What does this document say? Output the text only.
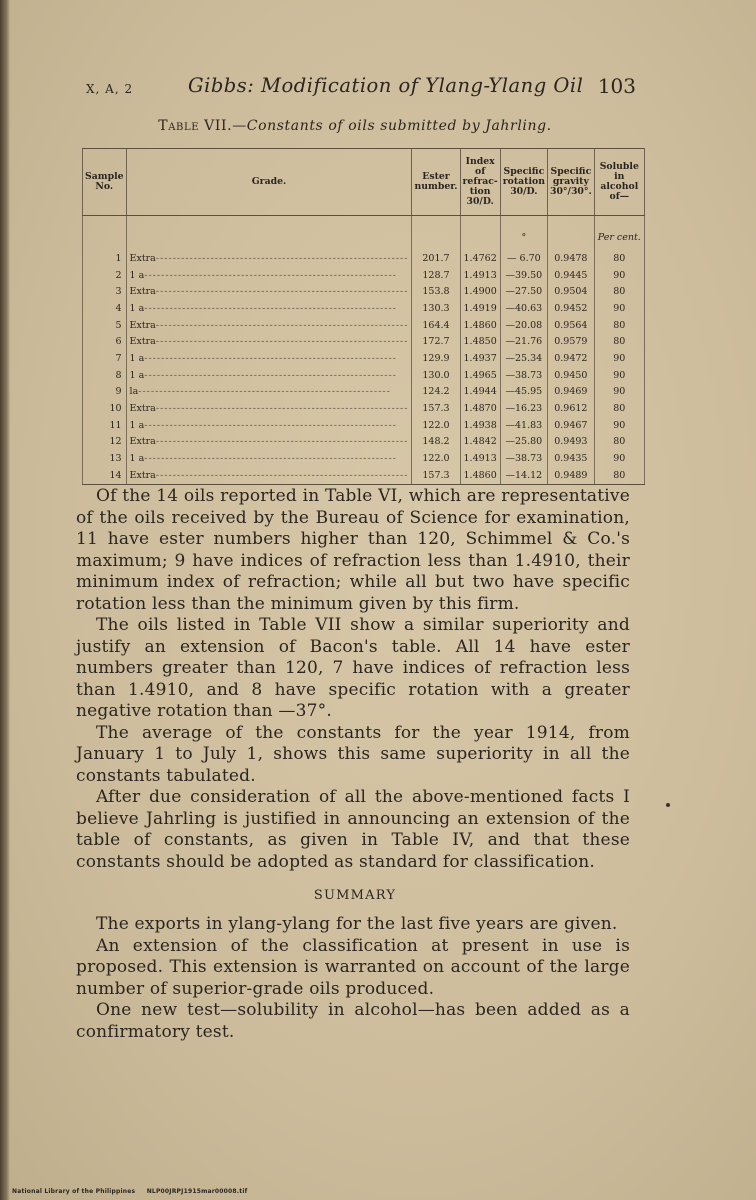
X, A, 2	Gibbs: Modification of Ylang-Ylang Oil 103
Table VII.—Constants of oils submitted by Jahrling.
Sample No.	Grade.	Ester number.	Index of refrac-tion 30/D.	Specific rotation 30/D.	Specific gravity 30°/30°.	Soluble in alcohol of—
				°		Per cent.
1	Extra------------------------------------------------------------	201.7	1.4762	— 6.70	0.9478	80
2	1 a------------------------------------------------------------	128.7	1.4913	—39.50	0.9445	90
3	Extra------------------------------------------------------------	153.8	1.4900	—27.50	0.9504	80
4	1 a------------------------------------------------------------	130.3	1.4919	—40.63	0.9452	90
5	Extra------------------------------------------------------------	164.4	1.4860	—20.08	0.9564	80
6	Extra------------------------------------------------------------	172.7	1.4850	—21.76	0.9579	80
7	1 a------------------------------------------------------------	129.9	1.4937	—25.34	0.9472	90
8	1 a------------------------------------------------------------	130.0	1.4965	—38.73	0.9450	90
9	la------------------------------------------------------------	124.2	1.4944	—45.95	0.9469	90
10	Extra------------------------------------------------------------	157.3	1.4870	—16.23	0.9612	80
11	1 a------------------------------------------------------------	122.0	1.4938	—41.83	0.9467	90
12	Extra------------------------------------------------------------	148.2	1.4842	—25.80	0.9493	80
13	1 a------------------------------------------------------------	122.0	1.4913	—38.73	0.9435	90
14	Extra------------------------------------------------------------	157.3	1.4860	—14.12	0.9489	80

Of the 14 oils reported in Table VI, which are representative of the oils received by the Bureau of Science for examination, 11 have ester numbers higher than 120, Schimmel & Co.'s maximum; 9 have indices of refraction less than 1.4910, their minimum index of refraction; while all but two have specific rotation less than the minimum given by this firm.

The oils listed in Table VII show a similar superiority and justify an extension of Bacon's table. All 14 have ester numbers greater than 120, 7 have indices of refraction less than 1.4910, and 8 have specific rotation with a greater negative rotation than —37°.

The average of the constants for the year 1914, from January 1 to July 1, shows this same superiority in all the constants tabulated.

After due consideration of all the above-mentioned facts I believe Jahrling is justified in announcing an extension of the table of constants, as given in Table IV, and that these constants should be adopted as standard for classification.

SUMMARY

The exports in ylang-ylang for the last five years are given.

An extension of the classification at present in use is proposed. This extension is warranted on account of the large number of superior-grade oils produced.

One new test—solubility in alcohol—has been added as a confirmatory test.

National Library of the Philippines NLP00JRPJ1915mar00008.tif
